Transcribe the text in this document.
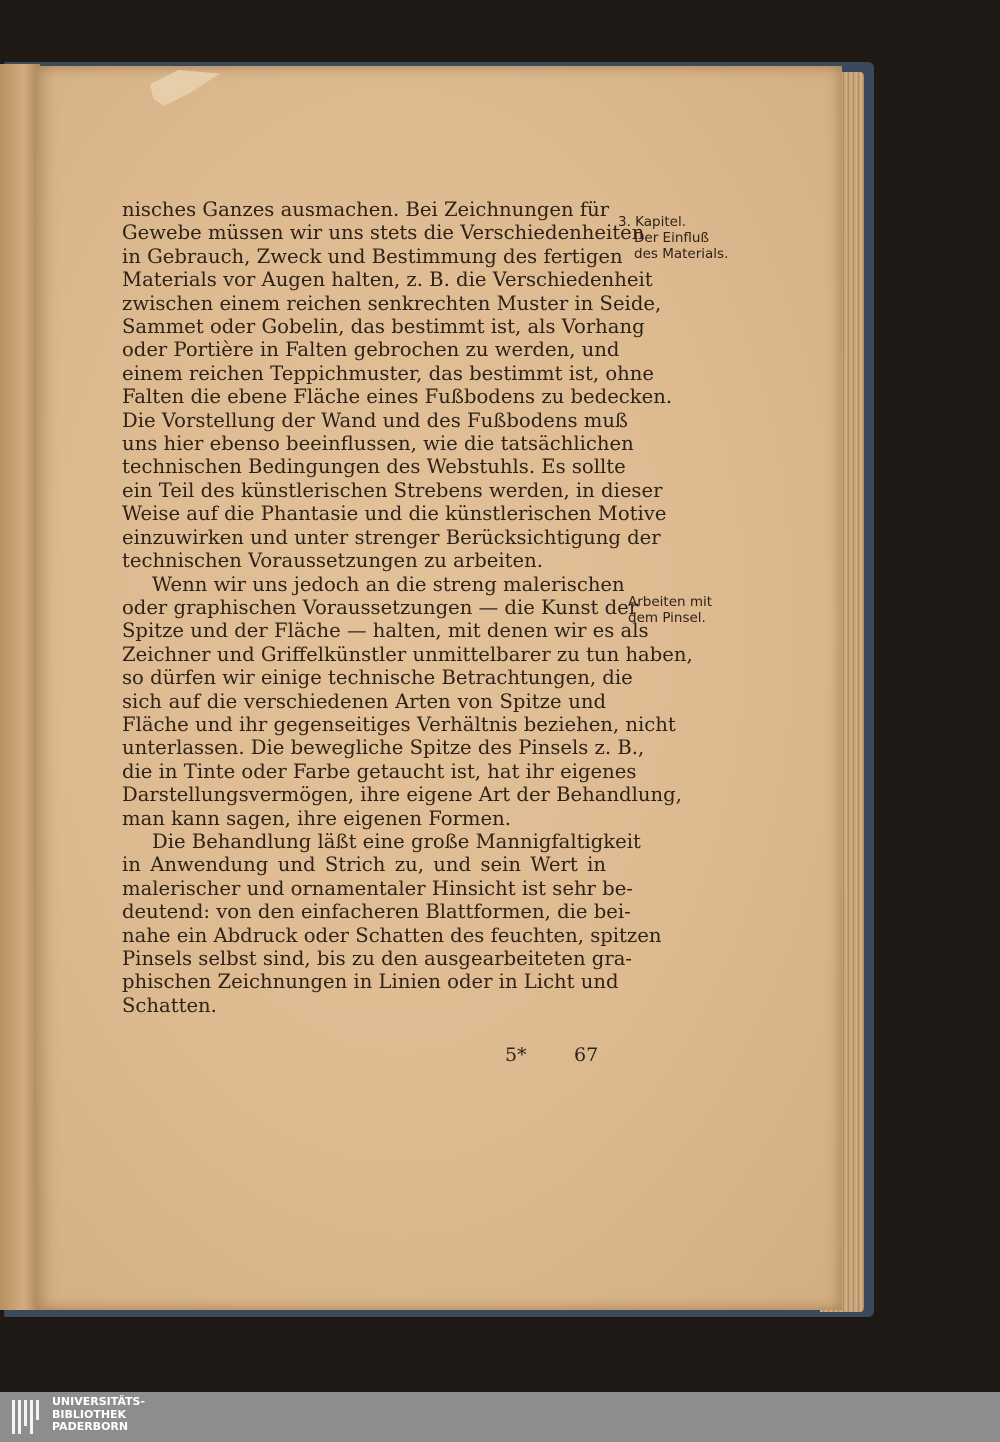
nisches Ganzes ausmachen. Bei Zeichnungen für
Gewebe müssen wir uns stets die Verschiedenheiten
in Gebrauch, Zweck und Bestimmung des fertigen
Materials vor Augen halten, z. B. die Verschiedenheit
zwischen einem reichen senkrechten Muster in Seide,
Sammet oder Gobelin, das bestimmt ist, als Vorhang
oder Portière in Falten gebrochen zu werden, und
einem reichen Teppichmuster, das bestimmt ist, ohne
Falten die ebene Fläche eines Fußbodens zu bedecken.
Die Vorstellung der Wand und des Fußbodens muß
uns hier ebenso beeinflussen, wie die tatsächlichen
technischen Bedingungen des Webstuhls. Es sollte
ein Teil des künstlerischen Strebens werden, in dieser
Weise auf die Phantasie und die künstlerischen Motive
einzuwirken und unter strenger Berücksichtigung der
technischen Voraussetzungen zu arbeiten.
Wenn wir uns jedoch an die streng malerischen
oder graphischen Voraussetzungen — die Kunst der
Spitze und der Fläche — halten, mit denen wir es als
Zeichner und Griffelkünstler unmittelbarer zu tun haben,
so dürfen wir einige technische Betrachtungen, die
sich auf die verschiedenen Arten von Spitze und
Fläche und ihr gegenseitiges Verhältnis beziehen, nicht
unterlassen. Die bewegliche Spitze des Pinsels z. B.,
die in Tinte oder Farbe getaucht ist, hat ihr eigenes
Darstellungsvermögen, ihre eigene Art der Behandlung,
man kann sagen, ihre eigenen Formen.
Die Behandlung läßt eine große Mannigfaltigkeit
in Anwendung und Strich zu, und sein Wert in
malerischer und ornamentaler Hinsicht ist sehr be-
deutend: von den einfacheren Blattformen, die bei-
nahe ein Abdruck oder Schatten des feuchten, spitzen
Pinsels selbst sind, bis zu den ausgearbeiteten gra-
phischen Zeichnungen in Linien oder in Licht und
Schatten.
3. Kapitel.
Der Einfluß
des Materials.
Arbeiten mit
dem Pinsel.
5* 67
UNIVERSITÄTS-
BIBLIOTHEK
PADERBORN
